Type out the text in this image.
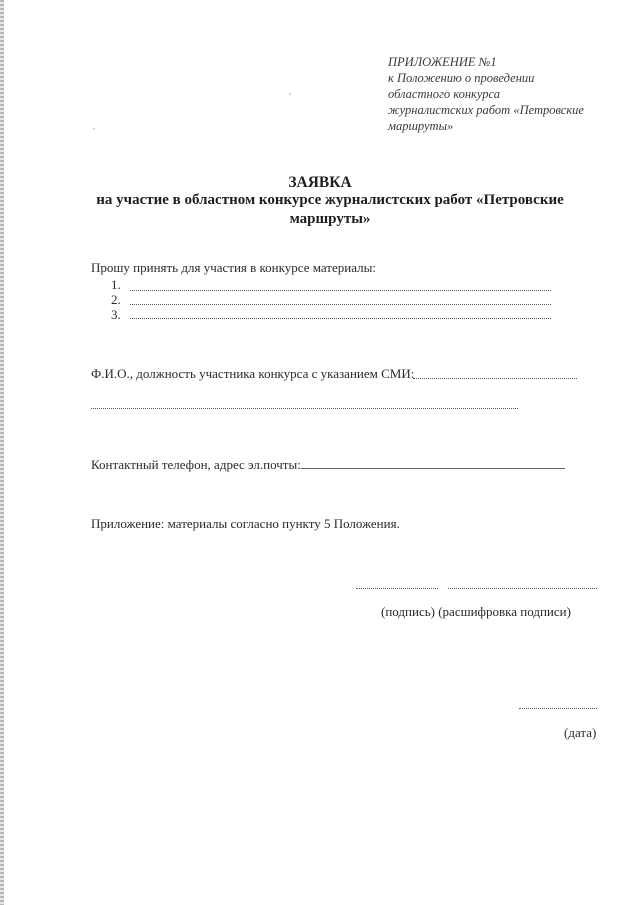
ПРИЛОЖЕНИЕ №1
к Положению о проведении
областного конкурса
журналистских работ «Петровские
маршруты»
ЗАЯВКА
на участие в областном конкурсе журналистских работ «Петровские
маршруты»
Прошу принять для участия в конкурсе материалы:
1.
2.
3.
Ф.И.О., должность участника конкурса с указанием СМИ:
Контактный телефон, адрес эл.почты:
Приложение: материалы согласно пункту 5 Положения.
(подпись) (расшифровка подписи)
(дата)
